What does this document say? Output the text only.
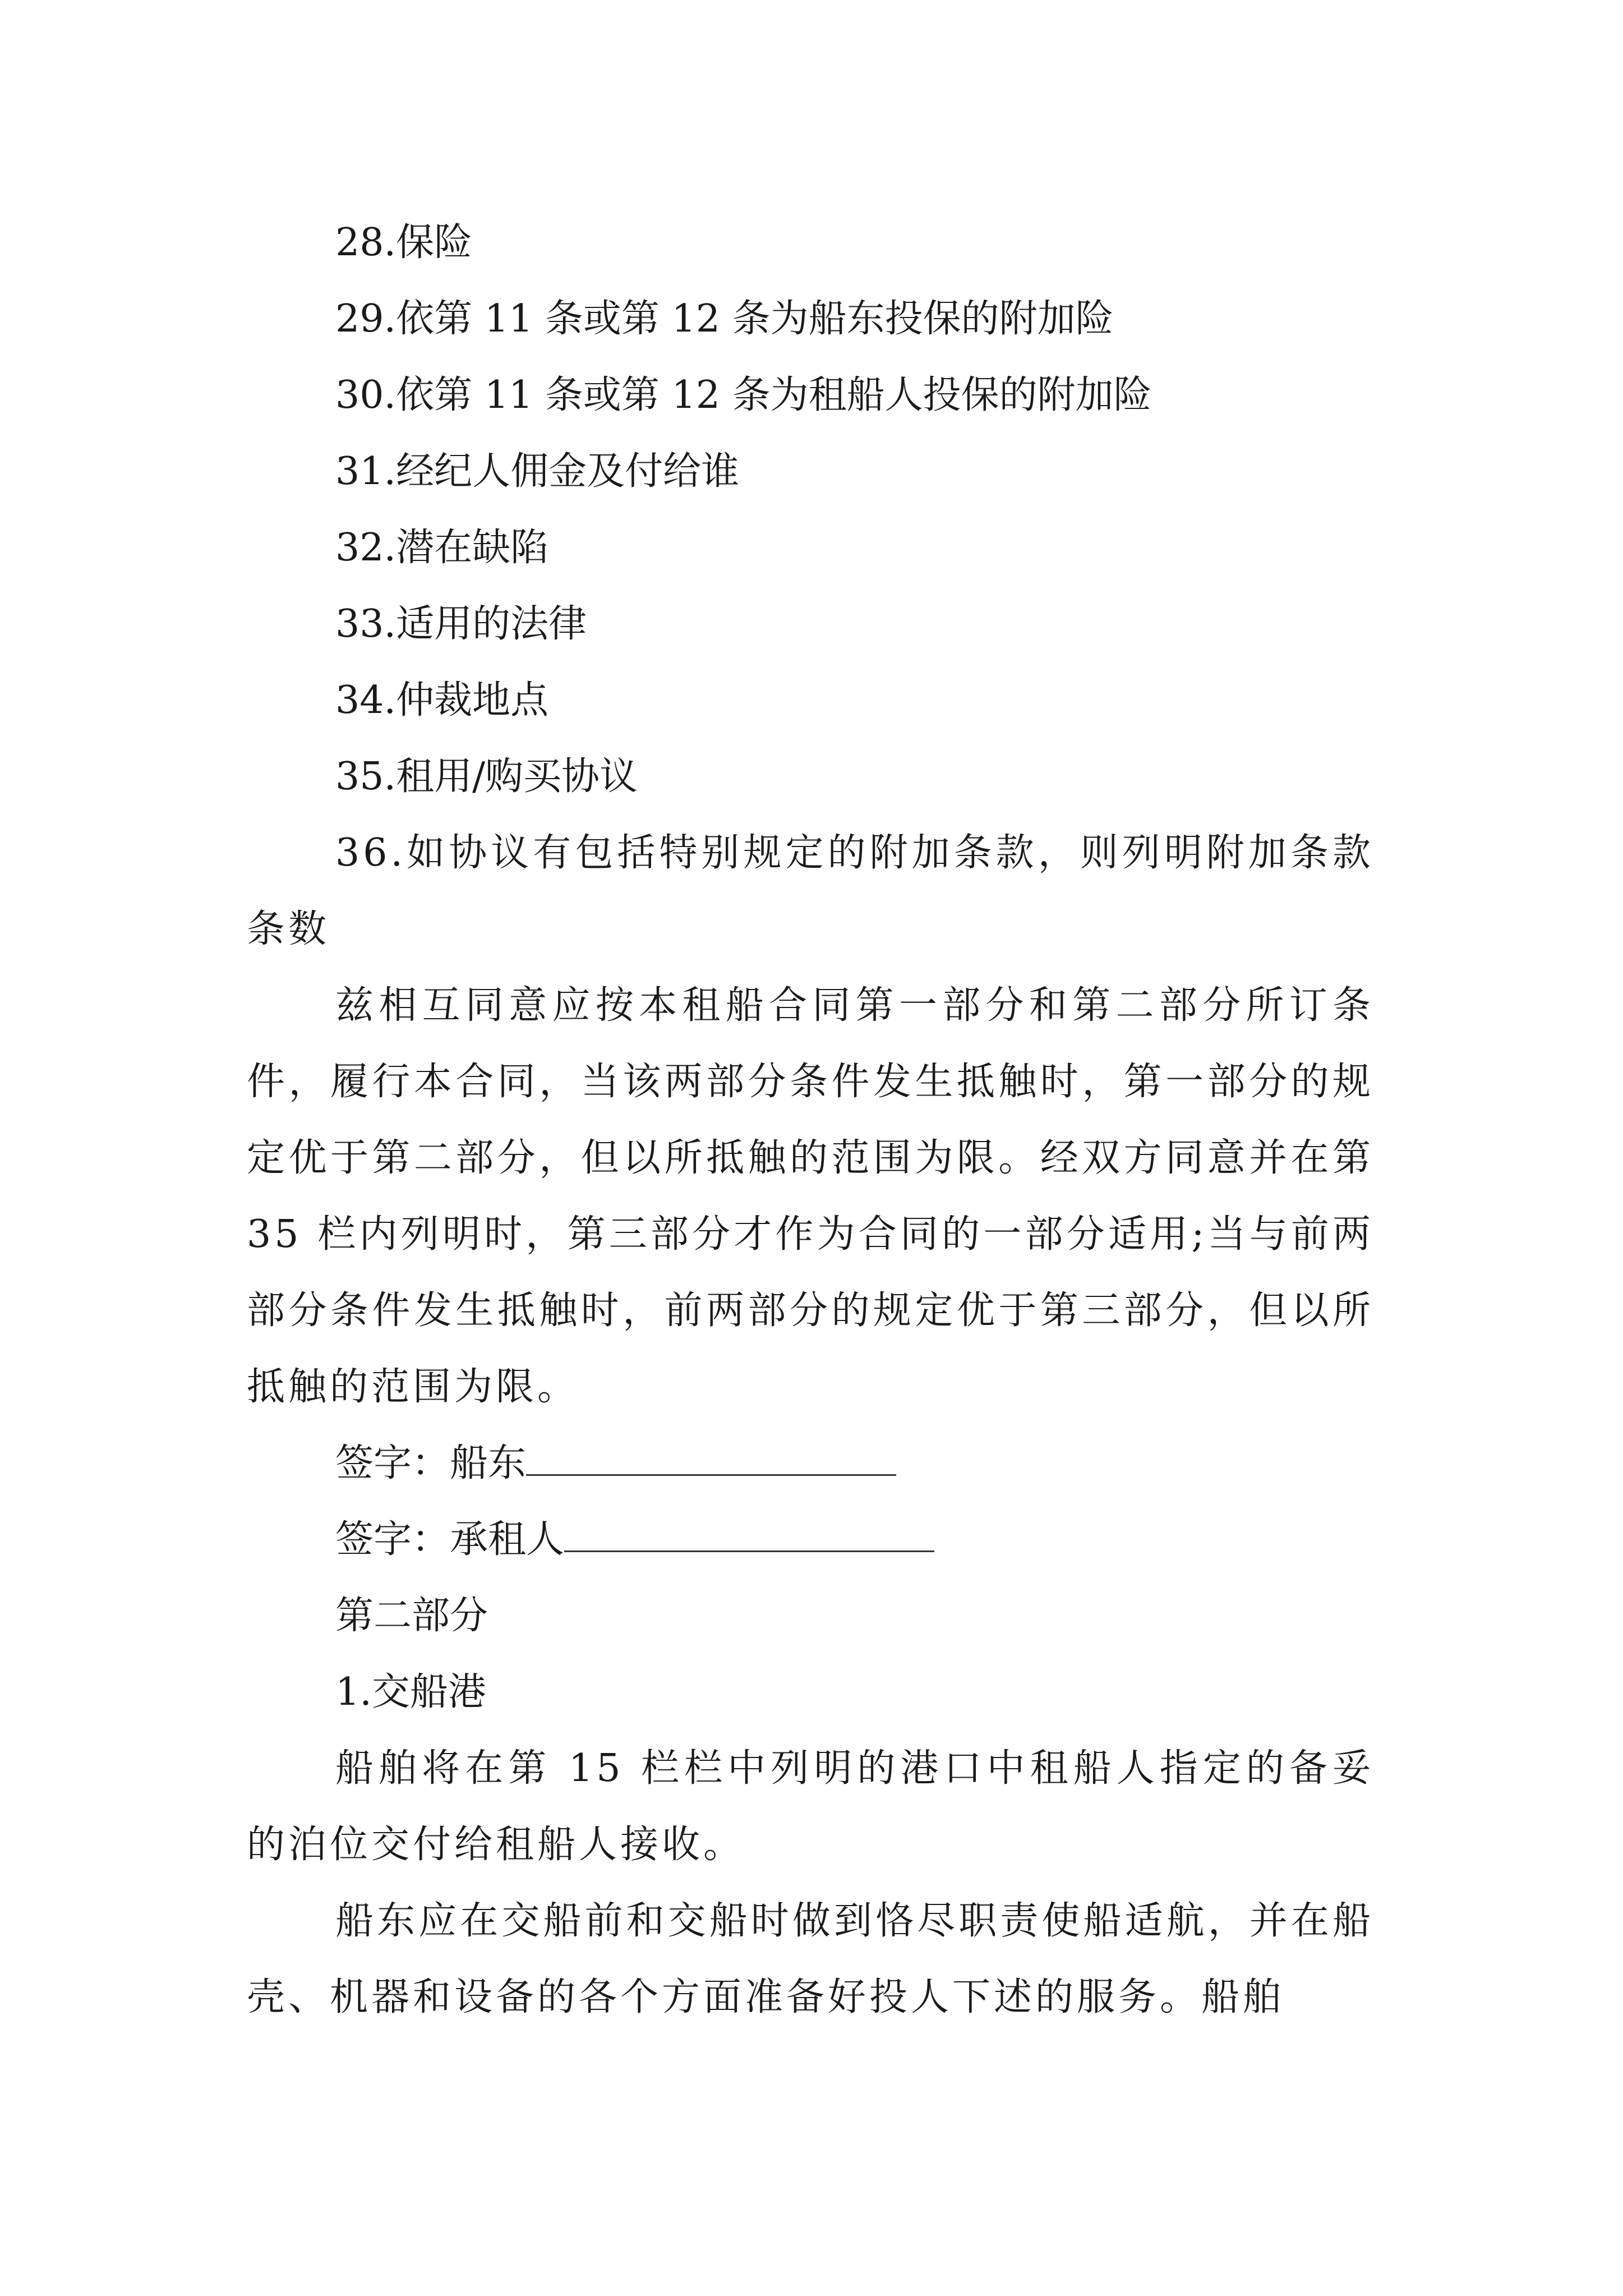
28.保险

29.依第 11 条或第 12 条为船东投保的附加险

30.依第 11 条或第 12 条为租船人投保的附加险

31.经纪人佣金及付给谁

32.潜在缺陷

33.适用的法律

34.仲裁地点

35.租用/购买协议

36.如协议有包括特别规定的附加条款，则列明附加条款条数

兹相互同意应按本租船合同第一部分和第二部分所订条件，履行本合同，当该两部分条件发生抵触时，第一部分的规定优于第二部分，但以所抵触的范围为限。经双方同意并在第 35 栏内列明时，第三部分才作为合同的一部分适用;当与前两部分条件发生抵触时，前两部分的规定优于第三部分，但以所抵触的范围为限。

签字：船东

签字：承租人

第二部分

1.交船港

船舶将在第 15 栏栏中列明的港口中租船人指定的备妥的泊位交付给租船人接收。

船东应在交船前和交船时做到恪尽职责使船适航，并在船壳、机器和设备的各个方面准备好投人下述的服务。船舶
